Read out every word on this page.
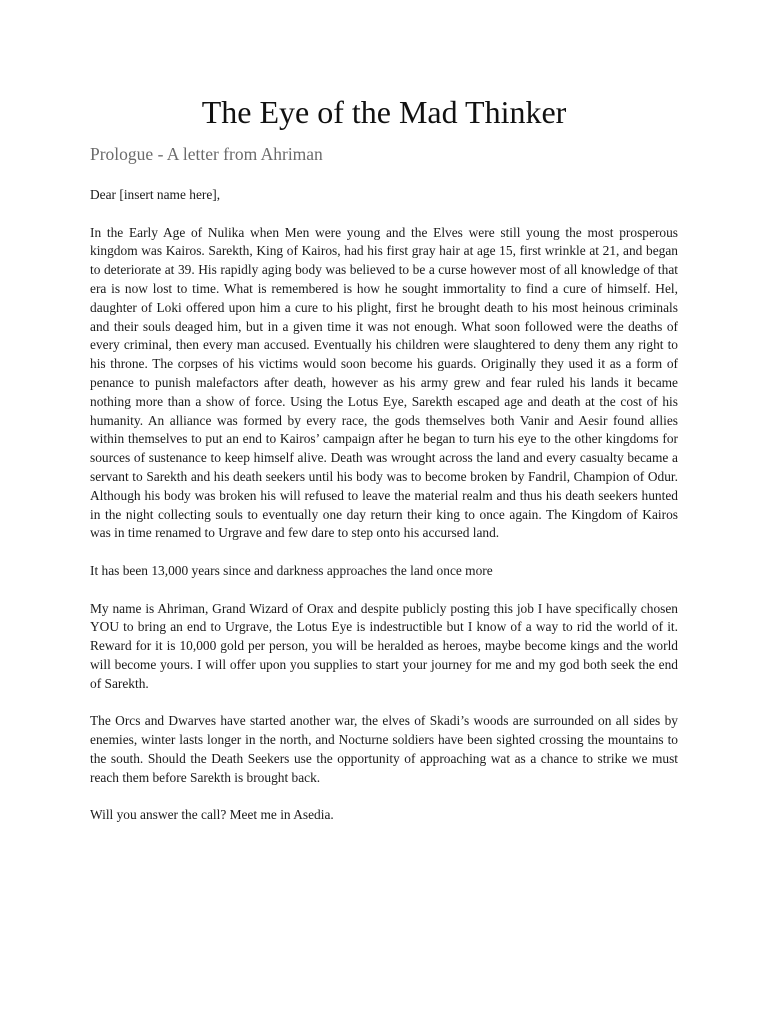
The Eye of the Mad Thinker
Prologue - A letter from Ahriman

Dear [insert name here],

In the Early Age of Nulika when Men were young and the Elves were still young the most prosperous kingdom was Kairos. Sarekth, King of Kairos, had his first gray hair at age 15, first wrinkle at 21, and began to deteriorate at 39. His rapidly aging body was believed to be a curse however most of all knowledge of that era is now lost to time. What is remembered is how he sought immortality to find a cure of himself. Hel, daughter of Loki offered upon him a cure to his plight, first he brought death to his most heinous criminals and their souls deaged him, but in a given time it was not enough. What soon followed were the deaths of every criminal, then every man accused. Eventually his children were slaughtered to deny them any right to his throne. The corpses of his victims would soon become his guards. Originally they used it as a form of penance to punish malefactors after death, however as his army grew and fear ruled his lands it became nothing more than a show of force. Using the Lotus Eye, Sarekth escaped age and death at the cost of his humanity. An alliance was formed by every race, the gods themselves both Vanir and Aesir found allies within themselves to put an end to Kairos’ campaign after he began to turn his eye to the other kingdoms for sources of sustenance to keep himself alive. Death was wrought across the land and every casualty became a servant to Sarekth and his death seekers until his body was to become broken by Fandril, Champion of Odur. Although his body was broken his will refused to leave the material realm and thus his death seekers hunted in the night collecting souls to eventually one day return their king to once again. The Kingdom of Kairos was in time renamed to Urgrave and few dare to step onto his accursed land.

It has been 13,000 years since and darkness approaches the land once more

My name is Ahriman, Grand Wizard of Orax and despite publicly posting this job I have specifically chosen YOU to bring an end to Urgrave, the Lotus Eye is indestructible but I know of a way to rid the world of it. Reward for it is 10,000 gold per person, you will be heralded as heroes, maybe become kings and the world will become yours. I will offer upon you supplies to start your journey for me and my god both seek the end of Sarekth.

The Orcs and Dwarves have started another war, the elves of Skadi’s woods are surrounded on all sides by enemies, winter lasts longer in the north, and Nocturne soldiers have been sighted crossing the mountains to the south. Should the Death Seekers use the opportunity of approaching wat as a chance to strike we must reach them before Sarekth is brought back.

Will you answer the call? Meet me in Asedia.
